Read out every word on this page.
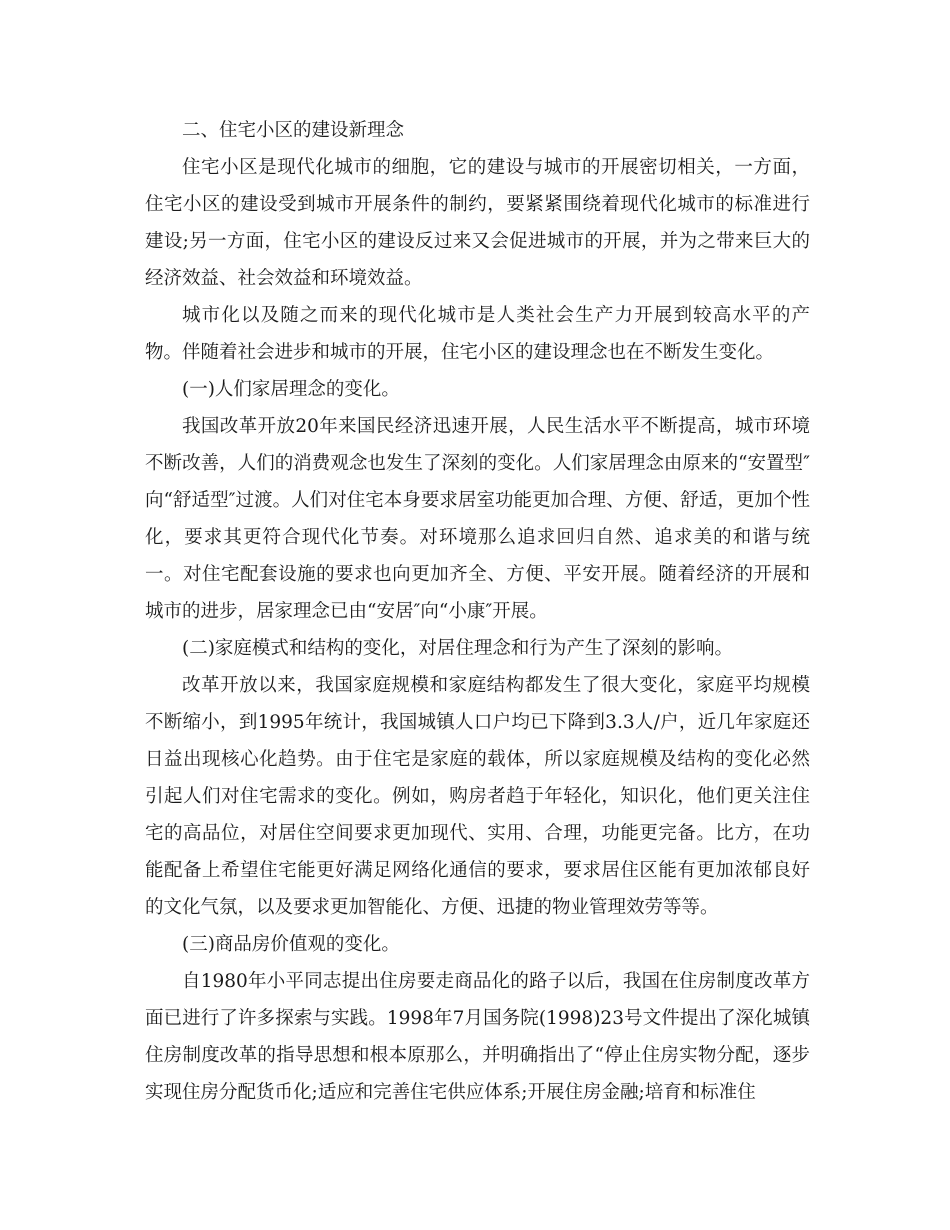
二、住宅小区的建设新理念

住宅小区是现代化城市的细胞，它的建设与城市的开展密切相关，一方面，住宅小区的建设受到城市开展条件的制约，要紧紧围绕着现代化城市的标准进行建设;另一方面，住宅小区的建设反过来又会促进城市的开展，并为之带来巨大的经济效益、社会效益和环境效益。

城市化以及随之而来的现代化城市是人类社会生产力开展到较高水平的产物。伴随着社会进步和城市的开展，住宅小区的建设理念也在不断发生变化。

(一)人们家居理念的变化。

我国改革开放20年来国民经济迅速开展，人民生活水平不断提高，城市环境不断改善，人们的消费观念也发生了深刻的变化。人们家居理念由原来的“安置型″向“舒适型″过渡。人们对住宅本身要求居室功能更加合理、方便、舒适，更加个性化，要求其更符合现代化节奏。对环境那么追求回归自然、追求美的和谐与统一。对住宅配套设施的要求也向更加齐全、方便、平安开展。随着经济的开展和城市的进步，居家理念已由“安居″向“小康″开展。

(二)家庭模式和结构的变化，对居住理念和行为产生了深刻的影响。

改革开放以来，我国家庭规模和家庭结构都发生了很大变化，家庭平均规模不断缩小，到1995年统计，我国城镇人口户均已下降到3.3人/户，近几年家庭还日益出现核心化趋势。由于住宅是家庭的载体，所以家庭规模及结构的变化必然引起人们对住宅需求的变化。例如，购房者趋于年轻化，知识化，他们更关注住宅的高品位，对居住空间要求更加现代、实用、合理，功能更完备。比方，在功能配备上希望住宅能更好满足网络化通信的要求，要求居住区能有更加浓郁良好的文化气氛，以及要求更加智能化、方便、迅捷的物业管理效劳等等。

(三)商品房价值观的变化。

自1980年小平同志提出住房要走商品化的路子以后，我国在住房制度改革方面已进行了许多探索与实践。1998年7月国务院(1998)23号文件提出了深化城镇住房制度改革的指导思想和根本原那么，并明确指出了“停止住房实物分配，逐步实现住房分配货币化;适应和完善住宅供应体系;开展住房金融;培育和标准住
